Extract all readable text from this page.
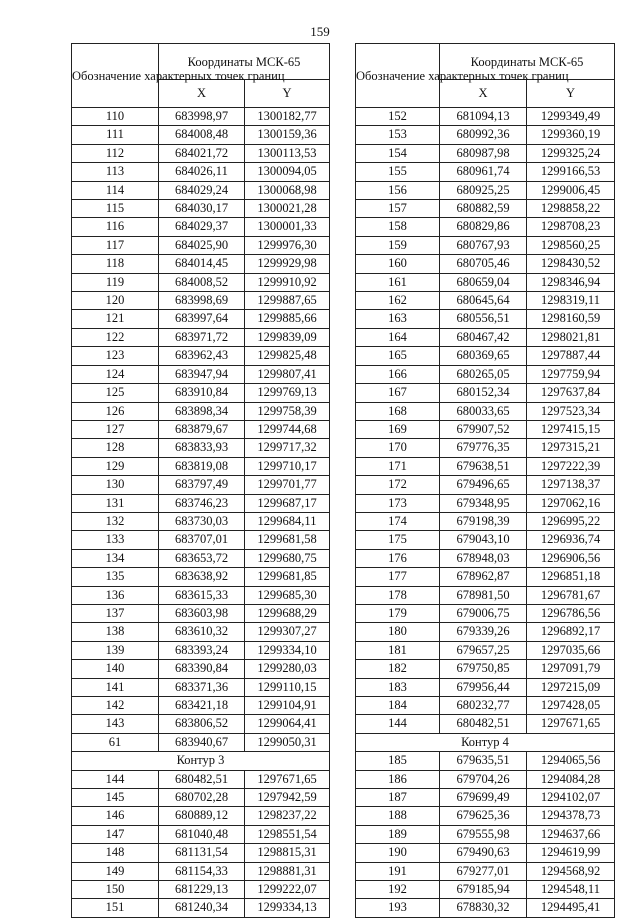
159
Обозначение характерных точек границ	Координаты МСК-65	
	X	Y
110	683998,97	1300182,77
111	684008,48	1300159,36
112	684021,72	1300113,53
113	684026,11	1300094,05
114	684029,24	1300068,98
115	684030,17	1300021,28
116	684029,37	1300001,33
117	684025,90	1299976,30
118	684014,45	1299929,98
119	684008,52	1299910,92
120	683998,69	1299887,65
121	683997,64	1299885,66
122	683971,72	1299839,09
123	683962,43	1299825,48
124	683947,94	1299807,41
125	683910,84	1299769,13
126	683898,34	1299758,39
127	683879,67	1299744,68
128	683833,93	1299717,32
129	683819,08	1299710,17
130	683797,49	1299701,77
131	683746,23	1299687,17
132	683730,03	1299684,11
133	683707,01	1299681,58
134	683653,72	1299680,75
135	683638,92	1299681,85
136	683615,33	1299685,30
137	683603,98	1299688,29
138	683610,32	1299307,27
139	683393,24	1299334,10
140	683390,84	1299280,03
141	683371,36	1299110,15
142	683421,18	1299104,91
143	683806,52	1299064,41
61	683940,67	1299050,31
Контур 3		
144	680482,51	1297671,65
145	680702,28	1297942,59
146	680889,12	1298237,22
147	681040,48	1298551,54
148	681131,54	1298815,31
149	681154,33	1298881,31
150	681229,13	1299222,07
151	681240,34	1299334,13
Обозначение характерных точек границ	Координаты МСК-65	
	X	Y
152	681094,13	1299349,49
153	680992,36	1299360,19
154	680987,98	1299325,24
155	680961,74	1299166,53
156	680925,25	1299006,45
157	680882,59	1298858,22
158	680829,86	1298708,23
159	680767,93	1298560,25
160	680705,46	1298430,52
161	680659,04	1298346,94
162	680645,64	1298319,11
163	680556,51	1298160,59
164	680467,42	1298021,81
165	680369,65	1297887,44
166	680265,05	1297759,94
167	680152,34	1297637,84
168	680033,65	1297523,34
169	679907,52	1297415,15
170	679776,35	1297315,21
171	679638,51	1297222,39
172	679496,65	1297138,37
173	679348,95	1297062,16
174	679198,39	1296995,22
175	679043,10	1296936,74
176	678948,03	1296906,56
177	678962,87	1296851,18
178	678981,50	1296781,67
179	679006,75	1296786,56
180	679339,26	1296892,17
181	679657,25	1297035,66
182	679750,85	1297091,79
183	679956,44	1297215,09
184	680232,77	1297428,05
144	680482,51	1297671,65
Контур 4		
185	679635,51	1294065,56
186	679704,26	1294084,28
187	679699,49	1294102,07
188	679625,36	1294378,73
189	679555,98	1294637,66
190	679490,63	1294619,99
191	679277,01	1294568,92
192	679185,94	1294548,11
193	678830,32	1294495,41
